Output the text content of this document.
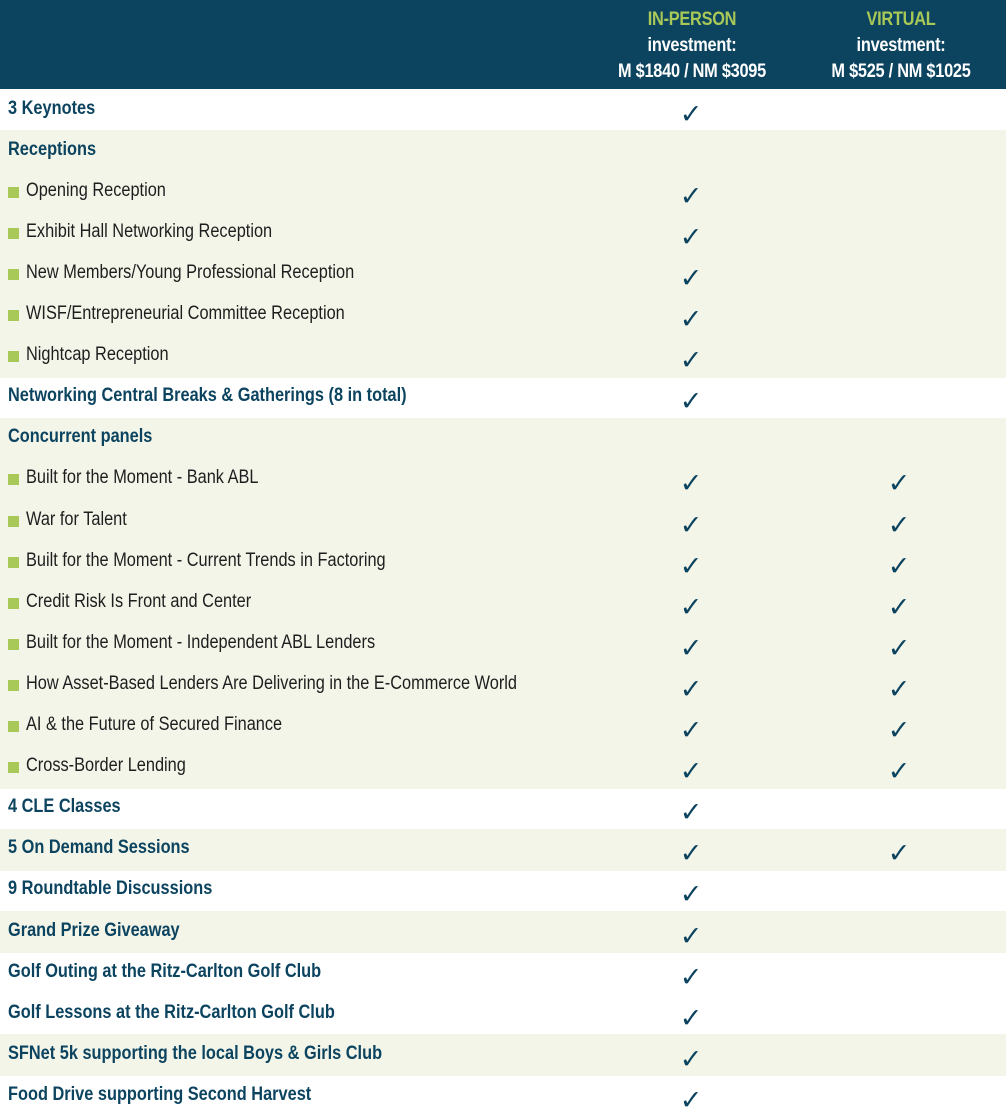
IN-PERSON
investment:
M $1840 / NM $3095
VIRTUAL
investment:
M $525 / NM $1025
3 Keynotes	✓
Receptions
Opening Reception	✓
Exhibit Hall Networking Reception	✓
New Members/Young Professional Reception	✓
WISF/Entrepreneurial Committee Reception	✓
Nightcap Reception	✓
Networking Central Breaks & Gatherings (8 in total)	✓
Concurrent panels
Built for the Moment - Bank ABL	✓	✓
War for Talent	✓	✓
Built for the Moment - Current Trends in Factoring	✓	✓
Credit Risk Is Front and Center	✓	✓
Built for the Moment - Independent ABL Lenders	✓	✓
How Asset-Based Lenders Are Delivering in the E-Commerce World	✓	✓
AI & the Future of Secured Finance	✓	✓
Cross-Border Lending	✓	✓
4 CLE Classes	✓
5 On Demand Sessions	✓	✓
9 Roundtable Discussions	✓
Grand Prize Giveaway	✓
Golf Outing at the Ritz-Carlton Golf Club	✓
Golf Lessons at the Ritz-Carlton Golf Club	✓
SFNet 5k supporting the local Boys & Girls Club	✓
Food Drive supporting Second Harvest	✓
